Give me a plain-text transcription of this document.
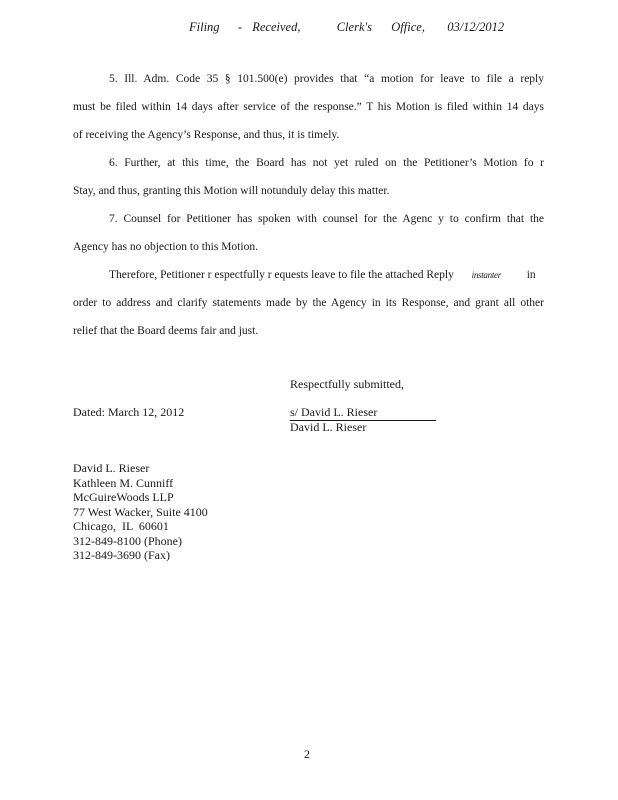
Filing - Received,	Clerk's Office, 03/12/2012
5. Ill. Adm. Code 35 § 101.500(e) provides that “a motion for leave to file a reply
must be filed within 14 days after service of the response.” T his Motion is filed within 14 days
of receiving the Agency’s Response, and thus, it is timely.
6. Further, at this time, the Board has not yet ruled on the Petitioner’s Motion fo r
Stay, and thus, granting this Motion will notunduly delay this matter.
7. Counsel for Petitioner has spoken with counsel for the Agenc y to confirm that the
Agency has no objection to this Motion.
Therefore, Petitioner r espectfully r equests leave to file the attached Reply instanter in
order to address and clarify statements made by the Agency in its Response, and grant all other
relief that the Board deems fair and just.
Respectfully submitted,
Dated: March 12, 2012	s/ David L. Rieser
David L. Rieser
David L. Rieser
Kathleen M. Cunniff
McGuireWoods LLP
77 West Wacker, Suite 4100
Chicago,  IL  60601
312-849-8100 (Phone)
312-849-3690 (Fax)
2
